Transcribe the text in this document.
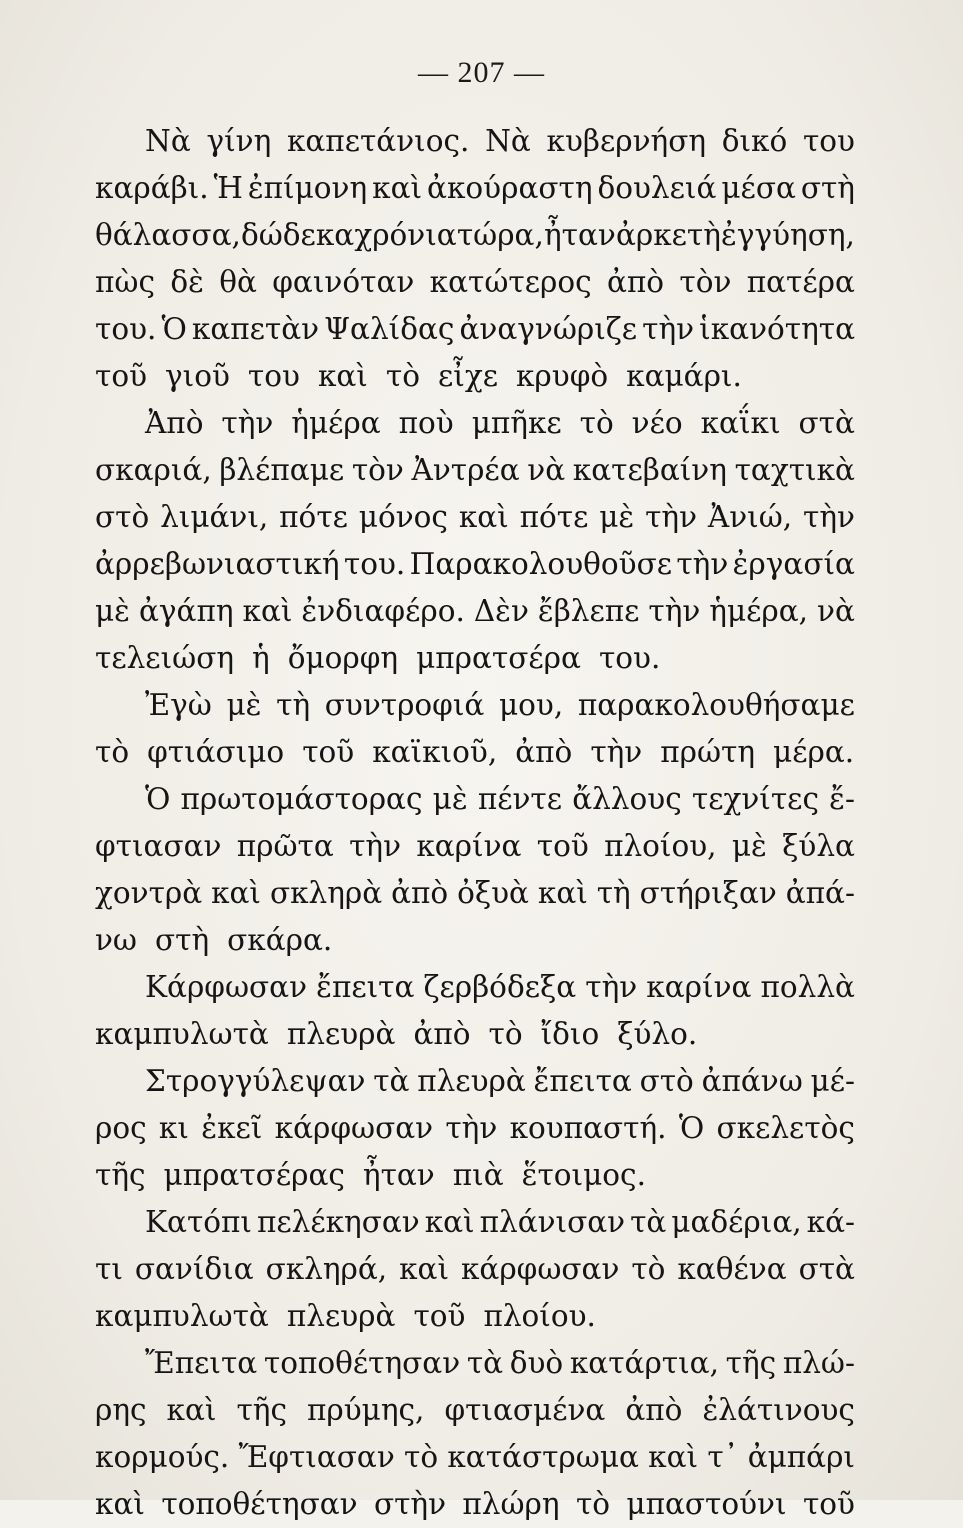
— 207 —
Νὰ γίνη καπετάνιος. Νὰ κυβερνήση δικό του
καράβι. Ἡ ἐπίμονη καὶ ἀκούραστη δουλειά μέσα στὴ
θάλασσα, δώδεκα χρόνια τώρα, ἦταν ἀρκετὴ ἐγγύηση,
πὼς δὲ θὰ φαινόταν κατώτερος ἀπὸ τὸν πατέρα
του. Ὁ καπετὰν Ψαλίδας ἀναγνώριζε τὴν ἱκανότητα
τοῦ γιοῦ του καὶ τὸ εἶχε κρυφὸ καμάρι.
Ἀπὸ τὴν ἡμέρα ποὺ μπῆκε τὸ νέο καΐκι στὰ
σκαριά, βλέπαμε τὸν Ἀντρέα νὰ κατεβαίνη ταχτικὰ
στὸ λιμάνι, πότε μόνος καὶ πότε μὲ τὴν Ἀνιώ, τὴν
ἀρρεβωνιαστική του. Παρακολουθοῦσε τὴν ἐργασία
μὲ ἀγάπη καὶ ἐνδιαφέρο. Δὲν ἔβλεπε τὴν ἡμέρα, νὰ
τελειώση ἡ ὄμορφη μπρατσέρα του.
Ἐγὼ μὲ τὴ συντροφιά μου, παρακολουθήσαμε
τὸ φτιάσιμο τοῦ καϊκιοῦ, ἀπὸ τὴν πρώτη μέρα.
Ὁ πρωτομάστορας μὲ πέντε ἄλλους τεχνίτες ἔ-
φτιασαν πρῶτα τὴν καρίνα τοῦ πλοίου, μὲ ξύλα
χοντρὰ καὶ σκληρὰ ἀπὸ ὀξυὰ καὶ τὴ στήριξαν ἀπά-
νω στὴ σκάρα.
Κάρφωσαν ἔπειτα ζερβόδεξα τὴν καρίνα πολλὰ
καμπυλωτὰ πλευρὰ ἀπὸ τὸ ἴδιο ξύλο.
Στρογγύλεψαν τὰ πλευρὰ ἔπειτα στὸ ἀπάνω μέ-
ρος κι ἐκεῖ κάρφωσαν τὴν κουπαστή. Ὁ σκελετὸς
τῆς μπρατσέρας ἦταν πιὰ ἕτοιμος.
Κατόπι πελέκησαν καὶ πλάνισαν τὰ μαδέρια, κά-
τι σανίδια σκληρά, καὶ κάρφωσαν τὸ καθένα στὰ
καμπυλωτὰ πλευρὰ τοῦ πλοίου.
Ἔπειτα τοποθέτησαν τὰ δυὸ κατάρτια, τῆς πλώ-
ρης καὶ τῆς πρύμης, φτιασμένα ἀπὸ ἐλάτινους
κορμούς. Ἔφτιασαν τὸ κατάστρωμα καὶ τ᾿ ἀμπάρι
καὶ τοποθέτησαν στὴν πλώρη τὸ μπαστούνι τοῦ
